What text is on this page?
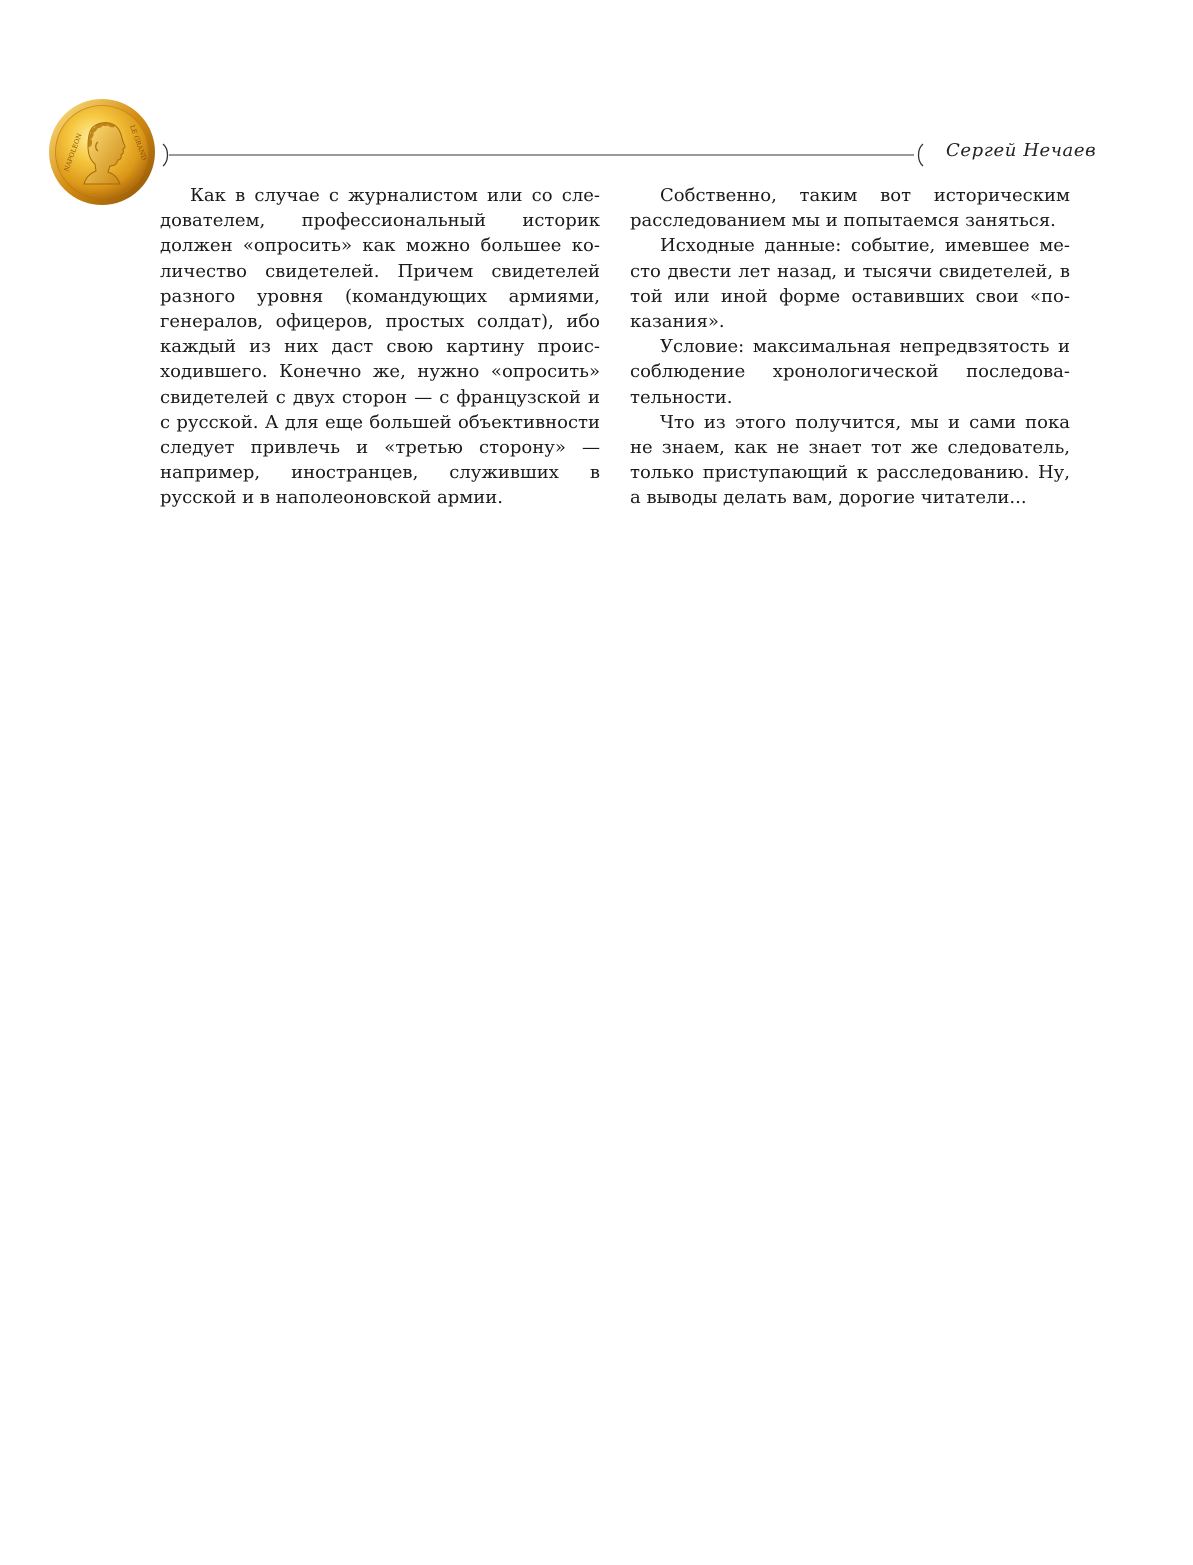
NAPOLEON	LE GRAND
· · · ·
Сергей Нечаев

Как в случае с журналистом или со следователем, профессиональный историк должен «опросить» как можно большее количество свидетелей. Причем свидетелей разного уровня (командующих армиями, генералов, офицеров, простых солдат), ибо каждый из них даст свою картину происходившего. Конечно же, нужно «опросить» свидетелей с двух сторон — с французской и с русской. А для еще большей объективности следует привлечь и «третью сторону» — например, иностранцев, служивших в русской и в наполеоновской армии.

Собственно, таким вот историческим расследованием мы и попытаемся заняться.

Исходные данные: событие, имевшее место двести лет назад, и тысячи свидетелей, в той или иной форме оставивших свои «показания».

Условие: максимальная непредвзятость и соблюдение хронологической последовательности.

Что из этого получится, мы и сами пока не знаем, как не знает тот же следователь, только приступающий к расследованию. Ну, а выводы делать вам, дорогие читатели...
